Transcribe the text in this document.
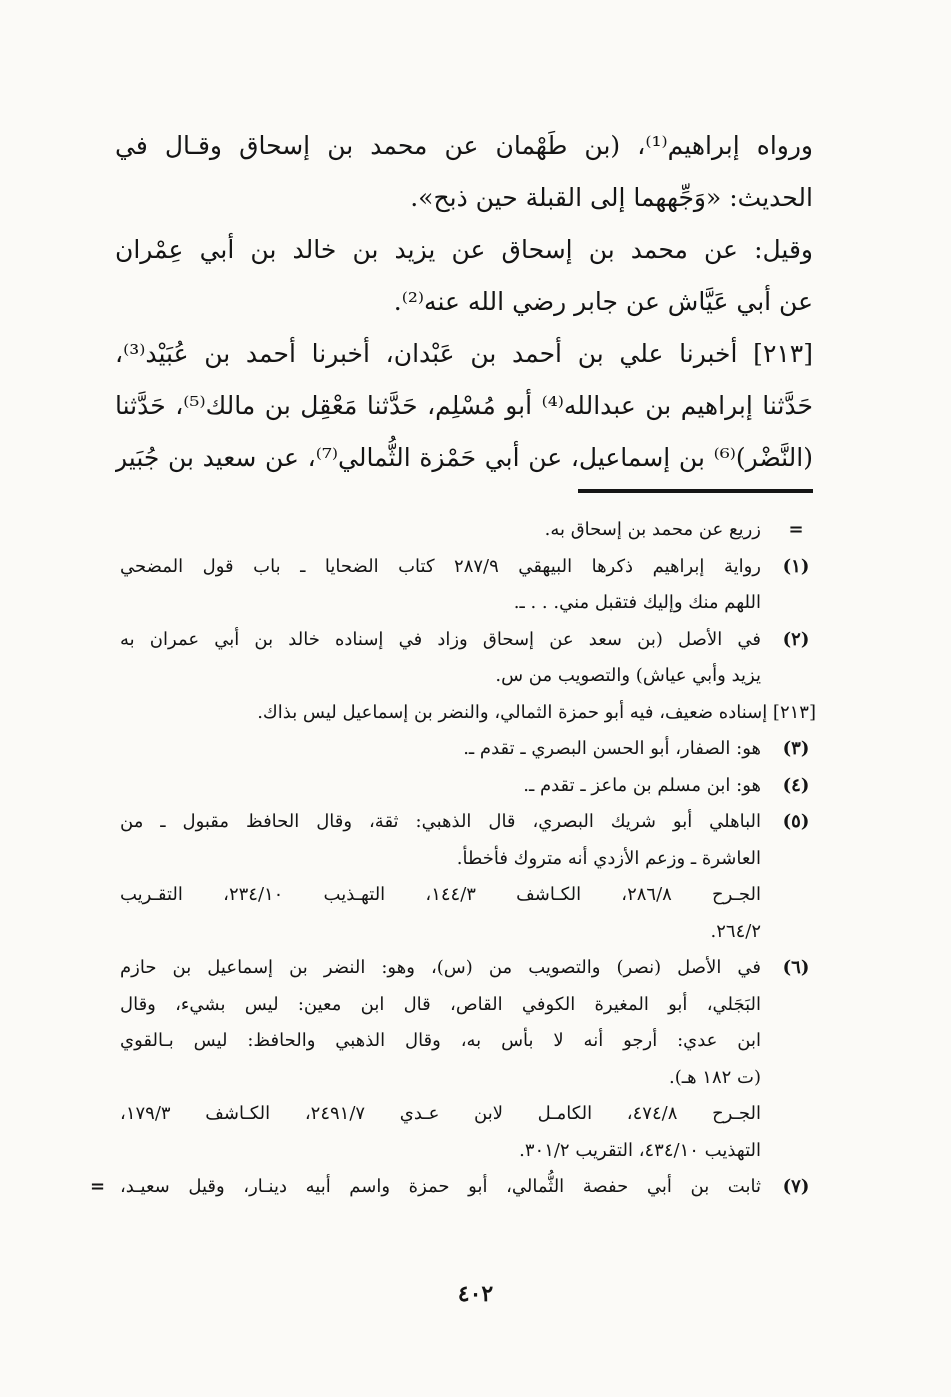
ورواه إبراهيم⁽¹⁾، (بن طَهْمان عن محمد بن إسحاق وقـال في
الحديث: «وَجِّههما إلى القبلة حين ذبح».
وقيل: عن محمد بن إسحاق عن يزيد بن خالد بن أبي عِمْران
عن أبي عَيَّاش عن جابر رضي الله عنه⁽²⁾.
[٢١٣] أخبرنا علي بن أحمد بن عَبْدان، أخبرنا أحمد بن عُبَيْد⁽³⁾،
حَدَّثنا إبراهيم بن عبدالله⁽⁴⁾ أبو مُسْلِم، حَدَّثنا مَعْقِل بن مالك⁽⁵⁾، حَدَّثنا
(النَّضْر)⁽⁶⁾ بن إسماعيل، عن أبي حَمْزة الثُّمالي⁽⁷⁾، عن سعيد بن جُبَير
=
زريع عن محمد بن إسحاق به.
(١)
رواية إبراهيم ذكرها البيهقي ٢٨٧/٩ كتاب الضحايا ـ باب قول المضحي
اللهم منك وإليك فتقبل مني. . . ـ.
(٢)
في الأصل (بن سعد عن إسحاق وزاد في إسناده خالد بن أبي عمران به
يزيد وأبي عياش) والتصويب من س.
[٢١٣] إسناده ضعيف، فيه أبو حمزة الثمالي، والنضر بن إسماعيل ليس بذاك.
(٣)
هو: الصفار، أبو الحسن البصري ـ تقدم ـ.
(٤)
هو: ابن مسلم بن ماعز ـ تقدم ـ.
(٥)
الباهلي أبو شريك البصري، قال الذهبي: ثقة، وقال الحافظ مقبول ـ من
العاشرة ـ وزعم الأزدي أنه متروك فأخطأ.
الجـرح ٢٨٦/٨، الكـاشف ١٤٤/٣، التهـذيب ٢٣٤/١٠، التقـريب
٢٦٤/٢.
(٦)
في الأصل (نصر) والتصويب من (س)، وهو: النضر بن إسماعيل بن حازم
البَجَلي، أبو المغيرة الكوفي القاص، قال ابن معين: ليس بشيء، وقال
ابن عدي: أرجو أنه لا بأس به، وقال الذهبي والحافظ: ليس بـالقوي
(ت ١٨٢ هـ).
الجـرح ٤٧٤/٨، الكامـل لابن عـدي ٢٤٩١/٧، الكـاشف ١٧٩/٣،
التهذيب ٤٣٤/١٠، التقريب ٣٠١/٢.
(٧)
ثابت بن أبي حفصة الثُّمالي، أبو حمزة واسم أبيه دينـار، وقيل سعيـد،
=
٤٠٢
